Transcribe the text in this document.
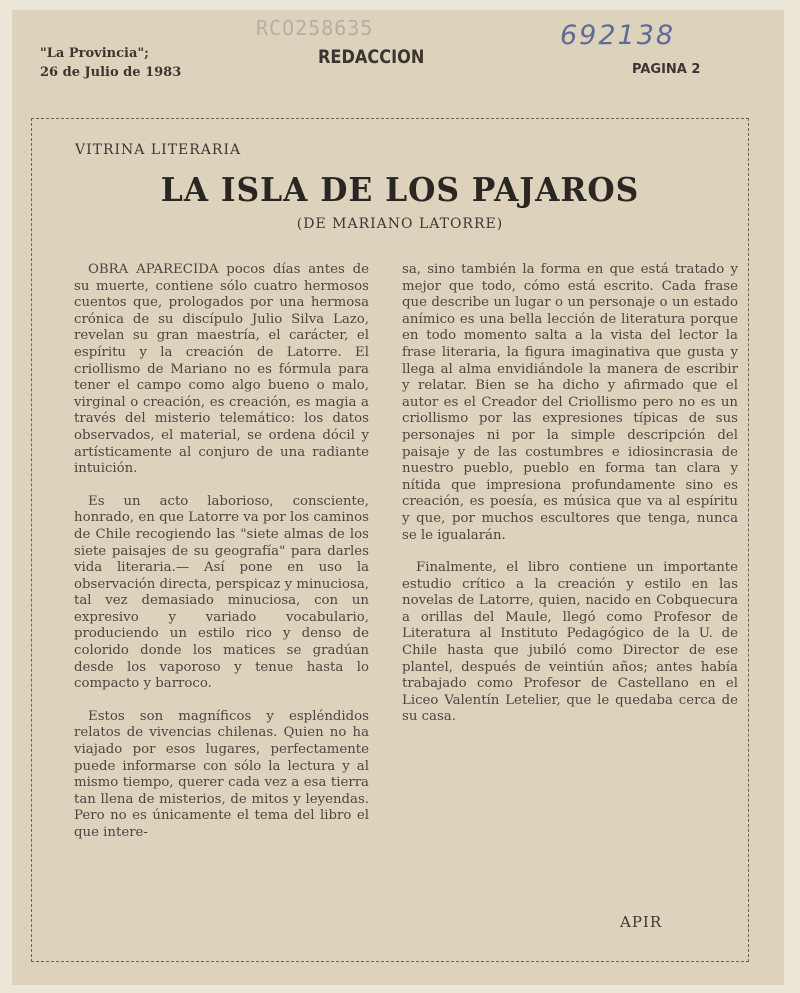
RCO258635	692138
"La Provincia";
26 de Julio de 1983
REDACCION
PAGINA 2
VITRINA LITERARIA
LA ISLA DE LOS PAJAROS
(DE MARIANO LATORRE)

OBRA APARECIDA pocos días antes de su muerte, contiene sólo cuatro hermosos cuentos que, prologados por una hermosa crónica de su discípulo Julio Silva Lazo, revelan su gran maestría, el carácter, el espíritu y la creación de Latorre. El criollismo de Mariano no es fórmula para tener el campo como algo bueno o malo, virginal o creación, es creación, es magia a través del misterio telemático: los datos observados, el material, se ordena dócil y artísticamente al conjuro de una radiante intuición.

Es un acto laborioso, consciente, honrado, en que Latorre va por los caminos de Chile recogiendo las "siete almas de los siete paisajes de su geografía" para darles vida literaria.— Así pone en uso la observación directa, perspicaz y minuciosa, tal vez demasiado minuciosa, con un expresivo y variado vocabulario, produciendo un estilo rico y denso de colorido donde los matices se gradúan desde los vaporoso y tenue hasta lo compacto y barroco.

Estos son magníficos y espléndidos relatos de vivencias chilenas. Quien no ha viajado por esos lugares, perfectamente puede informarse con sólo la lectura y al mismo tiempo, querer cada vez a esa tierra tan llena de misterios, de mitos y leyendas. Pero no es únicamente el tema del libro el que intere-

sa, sino también la forma en que está tratado y mejor que todo, cómo está escrito. Cada frase que describe un lugar o un personaje o un estado anímico es una bella lección de literatura porque en todo momento salta a la vista del lector la frase literaria, la figura imaginativa que gusta y llega al alma envidiándole la manera de escribir y relatar. Bien se ha dicho y afirmado que el autor es el Creador del Criollismo pero no es un criollismo por las expresiones típicas de sus personajes ni por la simple descripción del paisaje y de las costumbres e idiosincrasia de nuestro pueblo, pueblo en forma tan clara y nítida que impresiona profundamente sino es creación, es poesía, es música que va al espíritu y que, por muchos escultores que tenga, nunca se le igualarán.

Finalmente, el libro contiene un importante estudio crítico a la creación y estilo en las novelas de Latorre, quien, nacido en Cobquecura a orillas del Maule, llegó como Profesor de Literatura al Instituto Pedagógico de la U. de Chile hasta que jubiló como Director de ese plantel, después de veintiún años; antes había trabajado como Profesor de Castellano en el Liceo Valentín Letelier, que le quedaba cerca de su casa.

APIR
